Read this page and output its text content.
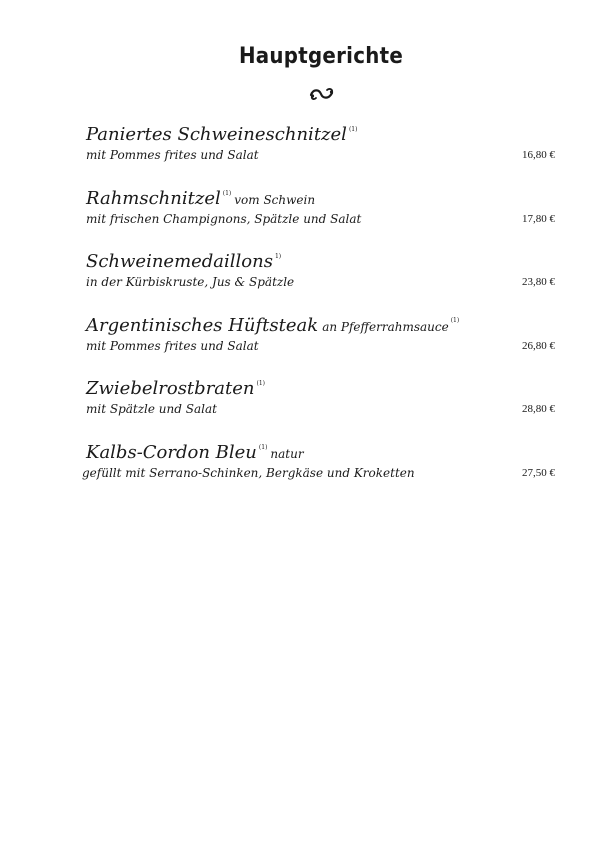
Hauptgerichte
Paniertes Schweineschnitzel $^{(1)}$
mit Pommes frites und Salat	16,80 €
Rahmschnitzel $^{(1)}$ vom Schwein
mit frischen Champignons, Spätzle und Salat	17,80 €
Schweinemedaillons $^{1)}$
in der Kürbiskruste, Jus & Spätzle	23,80 €
Argentinisches Hüftsteak an Pfefferrahmsauce $^{(1)}$
mit Pommes frites und Salat	26,80 €
Zwiebelrostbraten $^{(1)}$
mit Spätzle und Salat	28,80 €
Kalbs-Cordon Bleu $^{(1)}$ natur
gefüllt mit Serrano-Schinken, Bergkäse und Kroketten	27,50 €
